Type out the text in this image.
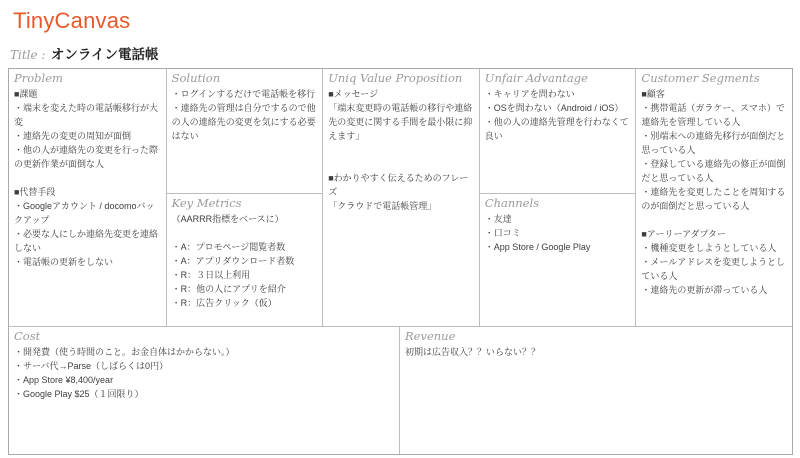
TinyCanvas
Title : オンライン電話帳
Problem
■課題
・端末を変えた時の電話帳移行が大変
・連絡先の変更の周知が面倒
・他の人が連絡先の変更を行った際の更新作業が面倒な人

■代替手段
・Googleアカウント / docomoバックアップ
・必要な人にしか連絡先変更を連絡しない
・電話帳の更新をしない
Solution
・ログインするだけで電話帳を移行
・連絡先の管理は自分でするので他の人の連絡先の変更を気にする必要はない
Key Metrics
（AARRR指標をベースに）

・A：プロモページ閲覧者数
・A：アプリダウンロード者数
・R：３日以上利用
・R：他の人にアプリを紹介
・R：広告クリック（仮）
Uniq Value Proposition
■メッセージ
「端末変更時の電話帳の移行や連絡先の変更に関する手間を最小限に抑えます」

■わかりやすく伝えるためのフレーズ
「クラウドで電話帳管理」
Unfair Advantage
・キャリアを問わない
・OSを問わない（Android / iOS）
・他の人の連絡先管理を行わなくて良い
Channels
・友達
・口コミ
・App Store / Google Play
Customer Segments
■顧客
・携帯電話（ガラケー、スマホ）で連絡先を管理している人
・別端末への連絡先移行が面倒だと思っている人
・登録している連絡先の修正が面倒だと思っている人
・連絡先を変更したことを周知するのが面倒だと思っている人

■アーリーアダプター
・機種変更をしようとしている人
・メールアドレスを変更しようとしている人
・連絡先の更新が滞っている人
Cost
・開発費（使う時間のこと。お金自体はかからない。）
・サーバ代→Parse（しばらくは0円）
・App Store ¥8,400/year
・Google Play $25（１回限り）
Revenue
初期は広告収入？？いらない？？
